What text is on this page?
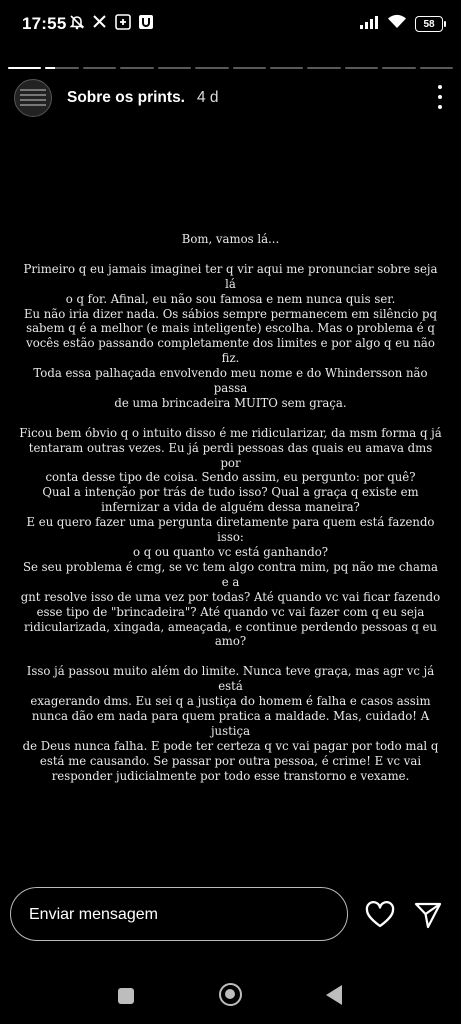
17:55	58
Sobre os prints. 4 d

Bom, vamos lá...

Primeiro q eu jamais imaginei ter q vir aqui me pronunciar sobre seja lá

o q for. Afinal, eu não sou famosa e nem nunca quis ser.

Eu não iria dizer nada. Os sábios sempre permanecem em silêncio pq

sabem q é a melhor (e mais inteligente) escolha. Mas o problema é q

vocês estão passando completamente dos limites e por algo q eu não fiz.

Toda essa palhaçada envolvendo meu nome e do Whindersson não passa

de uma brincadeira MUITO sem graça.

Ficou bem óbvio q o intuito disso é me ridicularizar, da msm forma q já

tentaram outras vezes. Eu já perdi pessoas das quais eu amava dms por

conta desse tipo de coisa. Sendo assim, eu pergunto: por quê?

Qual a intenção por trás de tudo isso? Qual a graça q existe em

infernizar a vida de alguém dessa maneira?

E eu quero fazer uma pergunta diretamente para quem está fazendo isso:

o q ou quanto vc está ganhando?

Se seu problema é cmg, se vc tem algo contra mim, pq não me chama e a

gnt resolve isso de uma vez por todas? Até quando vc vai ficar fazendo

esse tipo de "brincadeira"? Até quando vc vai fazer com q eu seja

ridicularizada, xingada, ameaçada, e continue perdendo pessoas q eu

amo?

Isso já passou muito além do limite. Nunca teve graça, mas agr vc já está

exagerando dms. Eu sei q a justiça do homem é falha e casos assim

nunca dão em nada para quem pratica a maldade. Mas, cuidado! A justiça

de Deus nunca falha. E pode ter certeza q vc vai pagar por todo mal q

está me causando. Se passar por outra pessoa, é crime! E vc vai

responder judicialmente por todo esse transtorno e vexame.

Enviar mensagem
